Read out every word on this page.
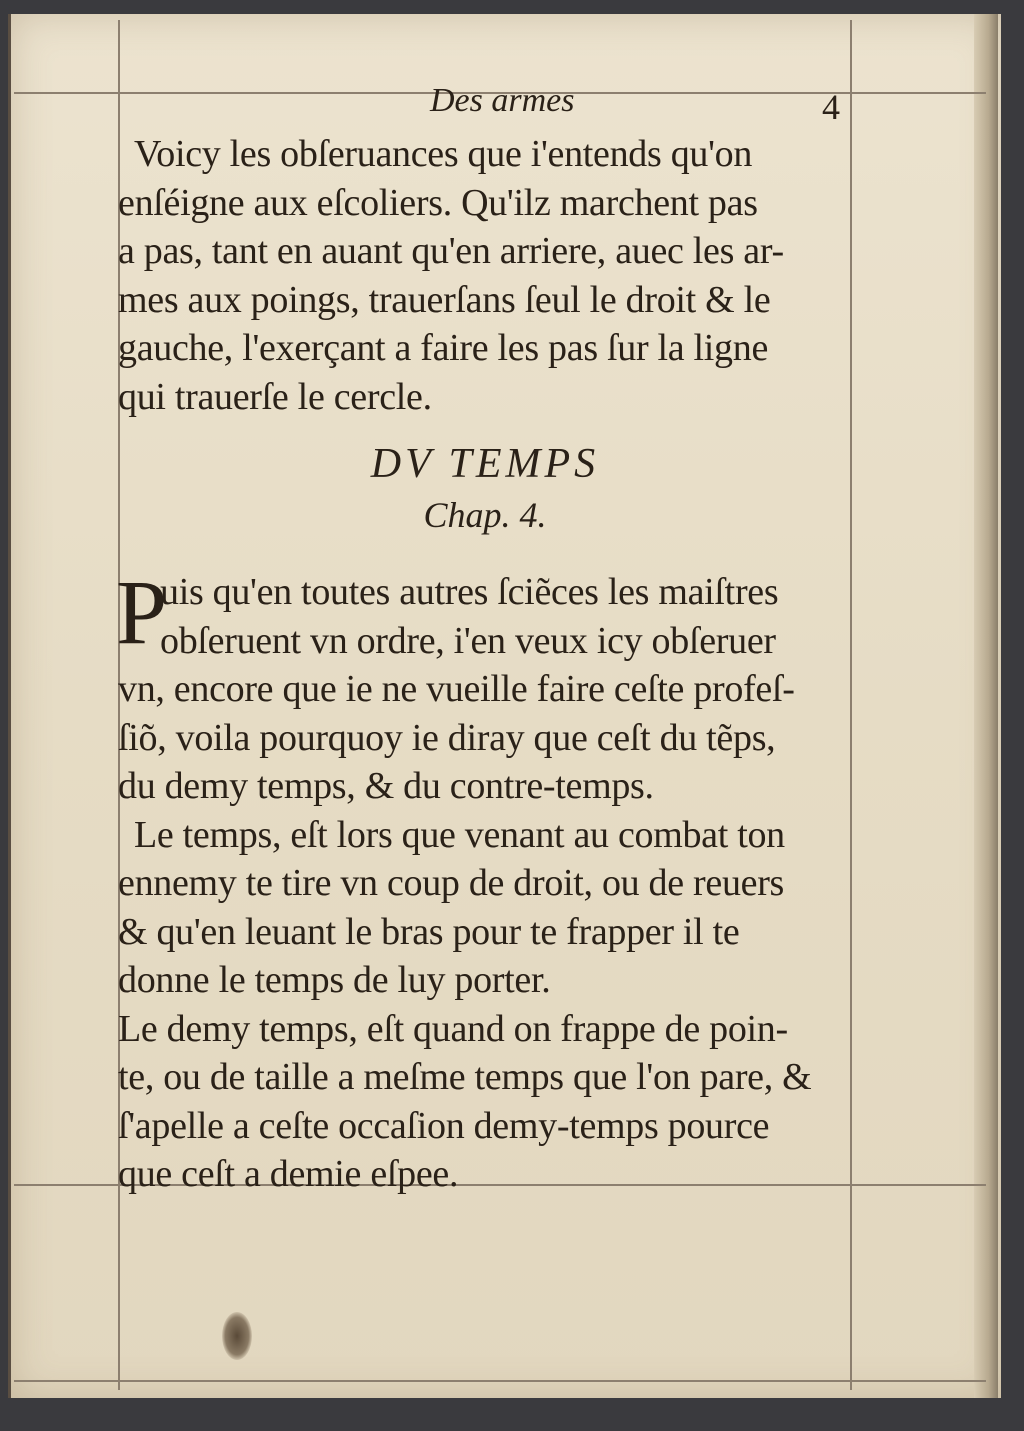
Des armes	4

Voicy les obſeruances que i'entends qu'on
enſéigne aux eſcoliers. Qu'ilz marchent pas
a pas, tant en auant qu'en arriere, auec les ar-
mes aux poings, trauerſans ſeul le droit & le
gauche, l'exerçant a faire les pas ſur la ligne
qui trauerſe le cercle.

DV TEMPS
Chap. 4.
P

uis qu'en toutes autres ſciẽces les maiſtres
obſeruent vn ordre, i'en veux icy obſeruer
vn, encore que ie ne vueille faire ceſte profeſ-
ſiõ, voila pourquoy ie diray que ceſt du tẽps,
du demy temps, & du contre-temps.
Le temps, eſt lors que venant au combat ton
ennemy te tire vn coup de droit, ou de reuers
& qu'en leuant le bras pour te frapper il te
donne le temps de luy porter.
Le demy temps, eſt quand on frappe de poin-
te, ou de taille a meſme temps que l'on pare, &
ſ'apelle a ceſte occaſion demy-temps pource
que ceſt a demie eſpee.
